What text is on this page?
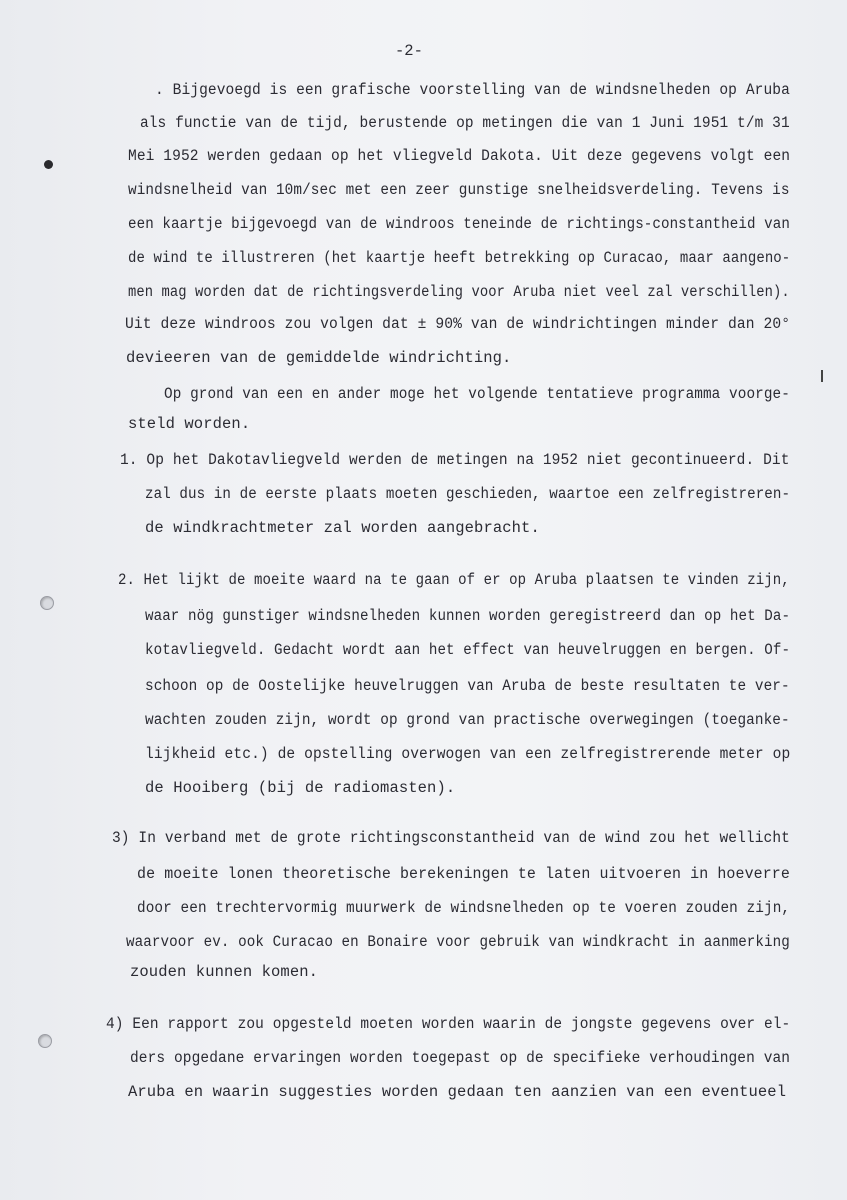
-2-
. Bijgevoegd is een grafische voorstelling van de windsnelheden op Aruba
als functie van de tijd, berustende op metingen die van 1 Juni 1951 t/m 31
Mei 1952 werden gedaan op het vliegveld Dakota. Uit deze gegevens volgt een
windsnelheid van 10m/sec met een zeer gunstige snelheidsverdeling. Tevens is
een kaartje bijgevoegd van de windroos teneinde de richtings-constantheid van
de wind te illustreren (het kaartje heeft betrekking op Curacao, maar aangeno-
men mag worden dat de richtingsverdeling voor Aruba niet veel zal verschillen).
Uit deze windroos zou volgen dat ± 90% van de windrichtingen minder dan 20°
devieeren van de gemiddelde windrichting.
Op grond van een en ander moge het volgende tentatieve programma voorge-
steld worden.
1. Op het Dakotavliegveld werden de metingen na 1952 niet gecontinueerd. Dit
zal dus in de eerste plaats moeten geschieden, waartoe een zelfregistreren-
de windkrachtmeter zal worden aangebracht.
2. Het lijkt de moeite waard na te gaan of er op Aruba plaatsen te vinden zijn,
waar nög gunstiger windsnelheden kunnen worden geregistreerd dan op het Da-
kotavliegveld. Gedacht wordt aan het effect van heuvelruggen en bergen. Of-
schoon op de Oostelijke heuvelruggen van Aruba de beste resultaten te ver-
wachten zouden zijn, wordt op grond van practische overwegingen (toeganke-
lijkheid etc.) de opstelling overwogen van een zelfregistrerende meter op
de Hooiberg (bij de radiomasten).
3) In verband met de grote richtingsconstantheid van de wind zou het wellicht
de moeite lonen theoretische berekeningen te laten uitvoeren in hoeverre
door een trechtervormig muurwerk de windsnelheden op te voeren zouden zijn,
waarvoor ev. ook Curacao en Bonaire voor gebruik van windkracht in aanmerking
zouden kunnen komen.
4) Een rapport zou opgesteld moeten worden waarin de jongste gegevens over el-
ders opgedane ervaringen worden toegepast op de specifieke verhoudingen van
Aruba en waarin suggesties worden gedaan ten aanzien van een eventueel
